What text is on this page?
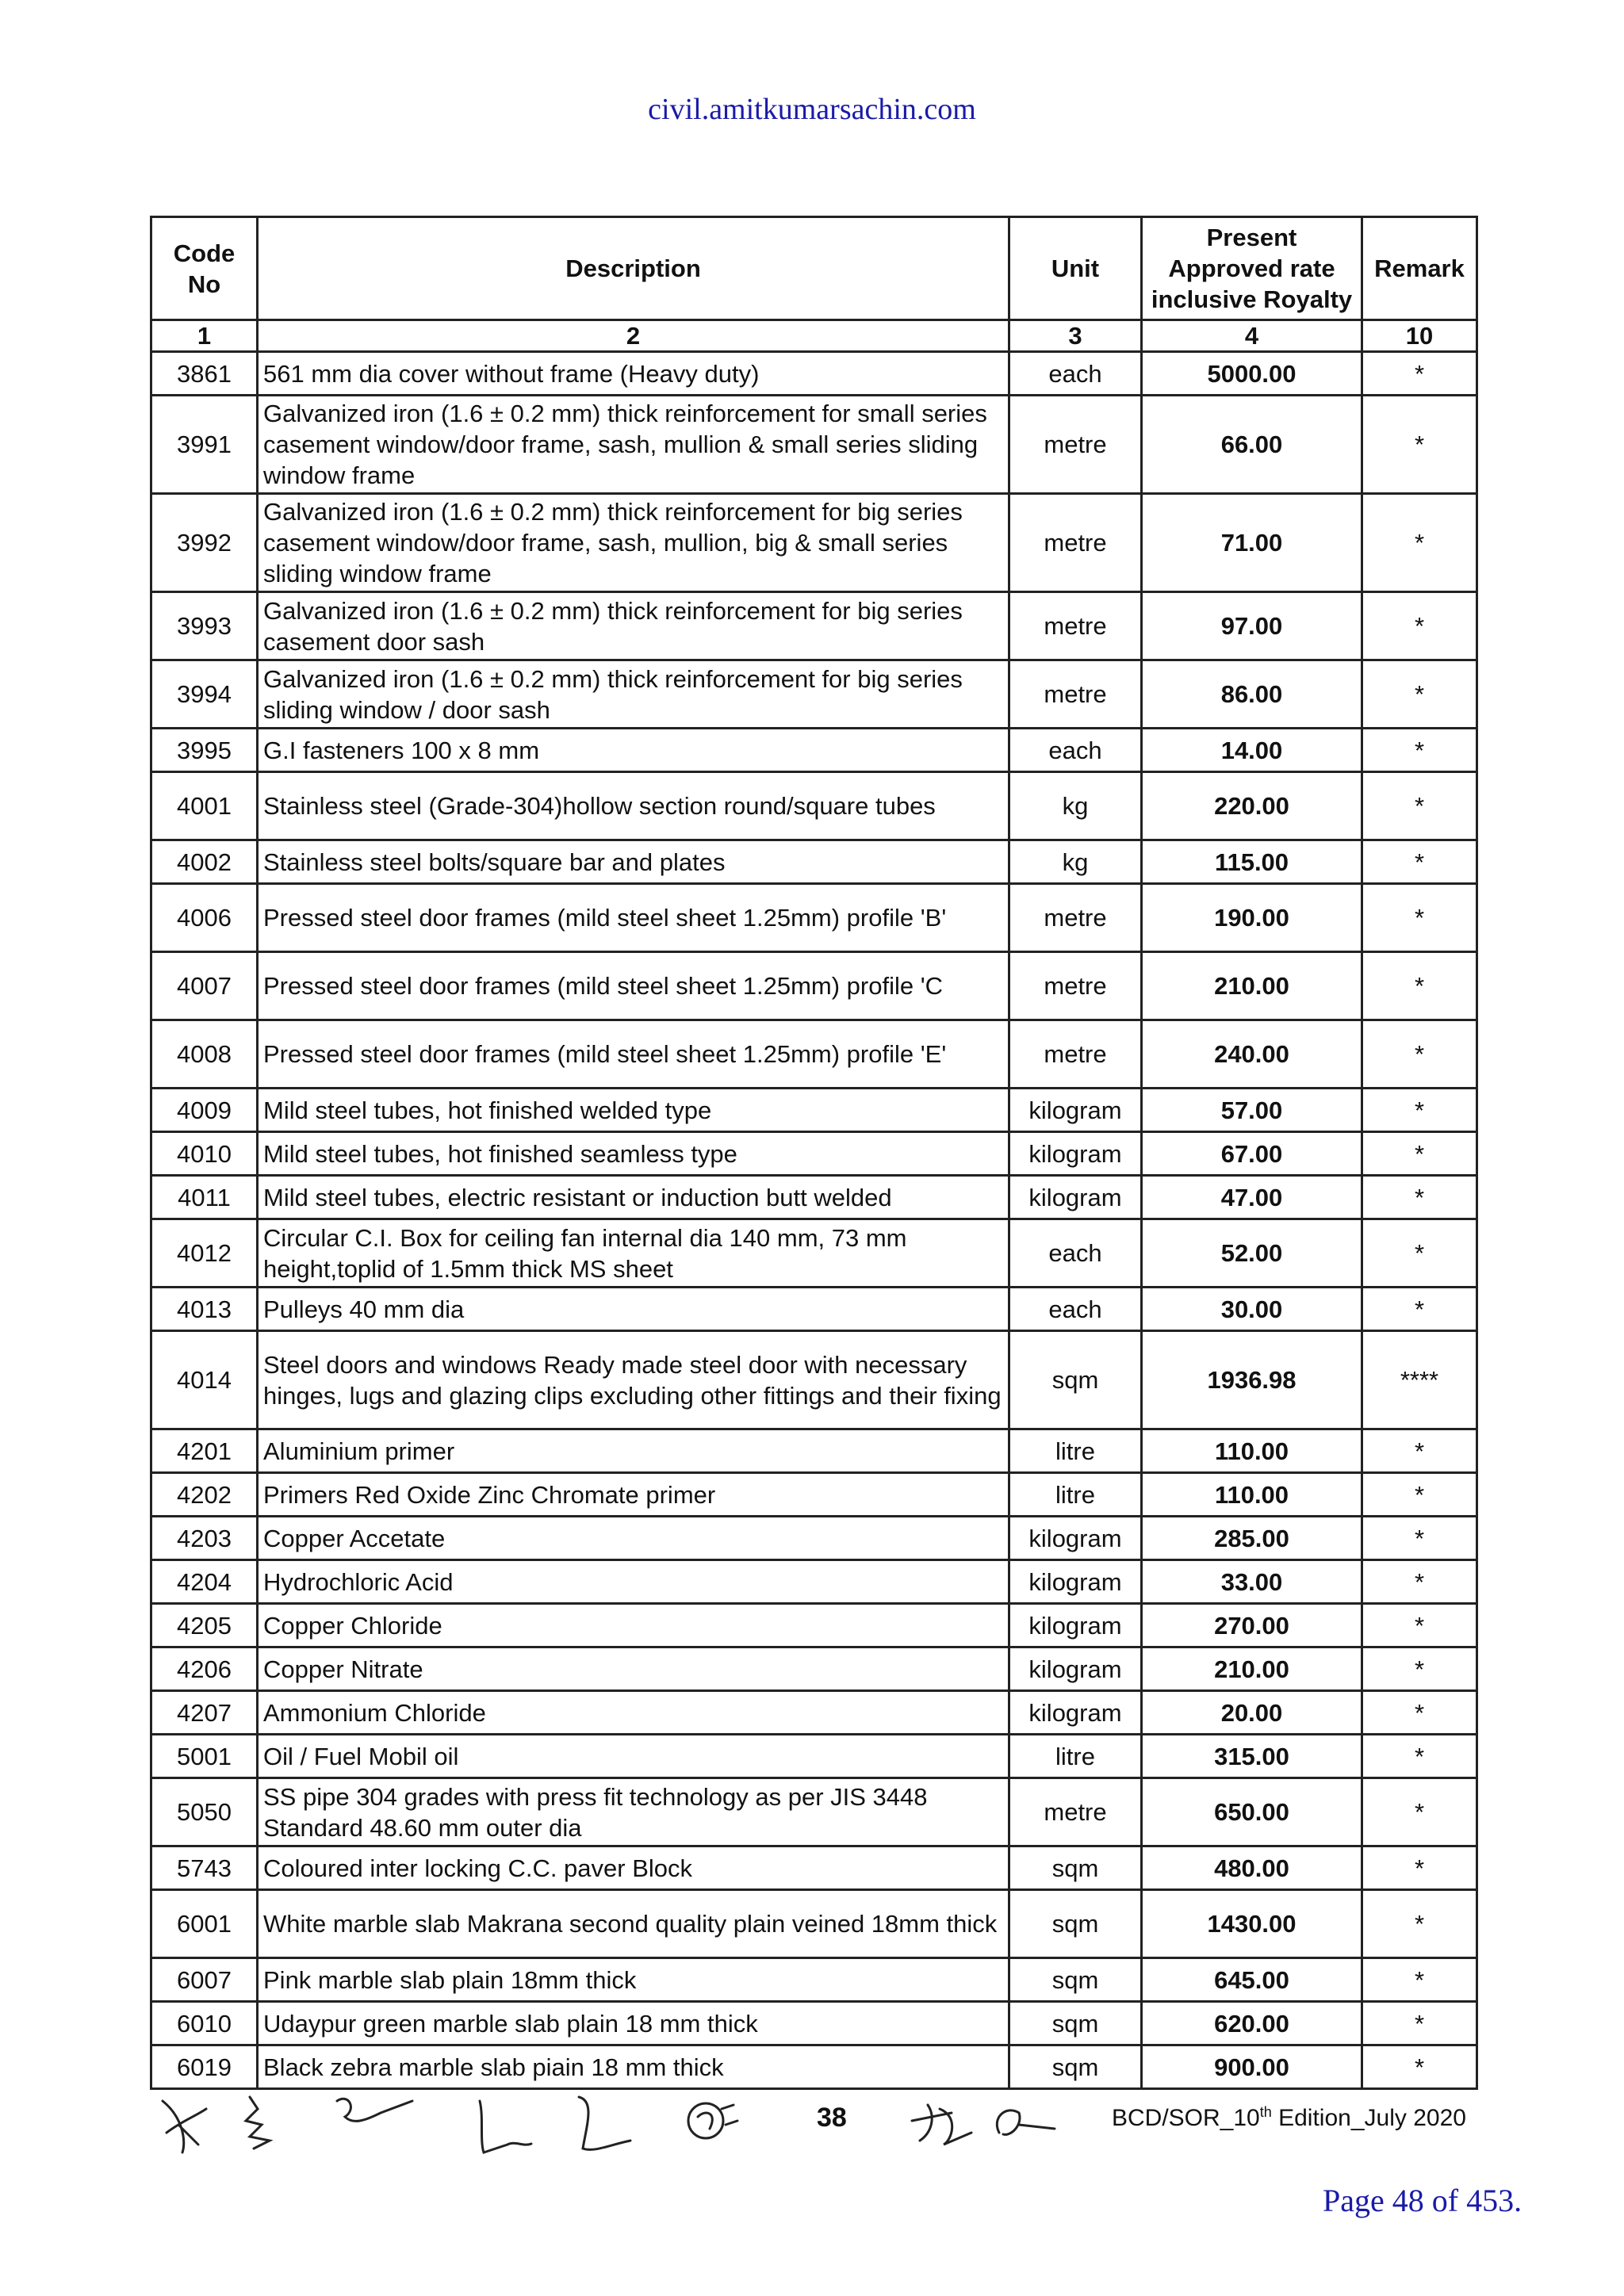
civil.amitkumarsachin.com
Code No	Description	Unit	Present Approved rate inclusive Royalty	Remark
1	2	3	4	10
3861	561 mm dia cover without frame (Heavy duty)	each	5000.00	*
3991	Galvanized iron (1.6 ± 0.2 mm) thick reinforcement for small series casement window/door frame, sash, mullion & small series sliding window frame	metre	66.00	*
3992	Galvanized iron (1.6 ± 0.2 mm) thick reinforcement for big series casement window/door frame, sash, mullion, big & small series sliding window frame	metre	71.00	*
3993	Galvanized iron (1.6 ± 0.2 mm) thick reinforcement for big series casement door sash	metre	97.00	*
3994	Galvanized iron (1.6 ± 0.2 mm) thick reinforcement for big series sliding window / door sash	metre	86.00	*
3995	G.I fasteners 100 x 8 mm	each	14.00	*
4001	Stainless steel (Grade-304)hollow section round/square tubes	kg	220.00	*
4002	Stainless steel bolts/square bar and plates	kg	115.00	*
4006	Pressed steel door frames (mild steel sheet 1.25mm) profile 'B'	metre	190.00	*
4007	Pressed steel door frames (mild steel sheet 1.25mm) profile 'C	metre	210.00	*
4008	Pressed steel door frames (mild steel sheet 1.25mm) profile 'E'	metre	240.00	*
4009	Mild steel tubes, hot finished welded type	kilogram	57.00	*
4010	Mild steel tubes, hot finished seamless type	kilogram	67.00	*
4011	Mild steel tubes, electric resistant or induction butt welded	kilogram	47.00	*
4012	Circular C.I. Box for ceiling fan internal dia 140 mm, 73 mm height,toplid of 1.5mm thick MS sheet	each	52.00	*
4013	Pulleys 40 mm dia	each	30.00	*
4014	Steel doors and windows Ready made steel door with necessary hinges, lugs and glazing clips excluding other fittings and their fixing	sqm	1936.98	****
4201	Aluminium primer	litre	110.00	*
4202	Primers Red Oxide Zinc Chromate primer	litre	110.00	*
4203	Copper Accetate	kilogram	285.00	*
4204	Hydrochloric Acid	kilogram	33.00	*
4205	Copper Chloride	kilogram	270.00	*
4206	Copper Nitrate	kilogram	210.00	*
4207	Ammonium Chloride	kilogram	20.00	*
5001	Oil / Fuel Mobil oil	litre	315.00	*
5050	SS pipe 304 grades with press fit technology as per JIS 3448 Standard 48.60 mm outer dia	metre	650.00	*
5743	Coloured inter locking C.C. paver Block	sqm	480.00	*
6001	White marble slab Makrana second quality plain veined 18mm thick	sqm	1430.00	*
6007	Pink marble slab plain 18mm thick	sqm	645.00	*
6010	Udaypur green marble slab plain 18 mm thick	sqm	620.00	*
6019	Black zebra marble slab piain 18 mm thick	sqm	900.00	*
38	BCD/SOR_10th Edition_July 2020
Page 48 of 453.
